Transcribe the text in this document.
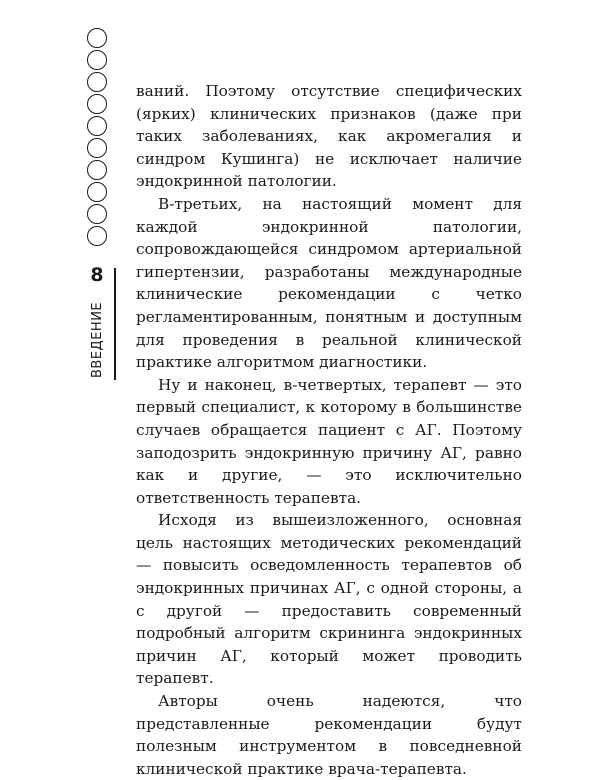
8
ВВЕДЕНИЕ

ваний. Поэтому отсутствие специфических (ярких) клинических признаков (даже при таких заболеваниях, как акромегалия и синдром Кушинга) не исключает наличие эндокринной патологии.

В-третьих, на настоящий момент для каждой эндокринной патологии, сопровождающейся синдромом артериальной гипертензии, разработаны международные клинические рекомендации с четко регламентированным, понятным и доступным для проведения в реальной клинической практике алгоритмом диагностики.

Ну и наконец, в-четвертых, терапевт — это первый специалист, к которому в большинстве случаев обращается пациент с АГ. Поэтому заподозрить эндокринную причину АГ, равно как и другие, — это исключительно ответственность терапевта.

Исходя из вышеизложенного, основная цель настоящих методических рекомендаций — повысить осведомленность терапевтов об эндокринных причинах АГ, с одной стороны, а с другой — предоставить современный подробный алгоритм скрининга эндокринных причин АГ, который может проводить терапевт.

Авторы очень надеются, что представленные рекомендации будут полезным инструментом в повседневной клинической практике врача-терапевта.
